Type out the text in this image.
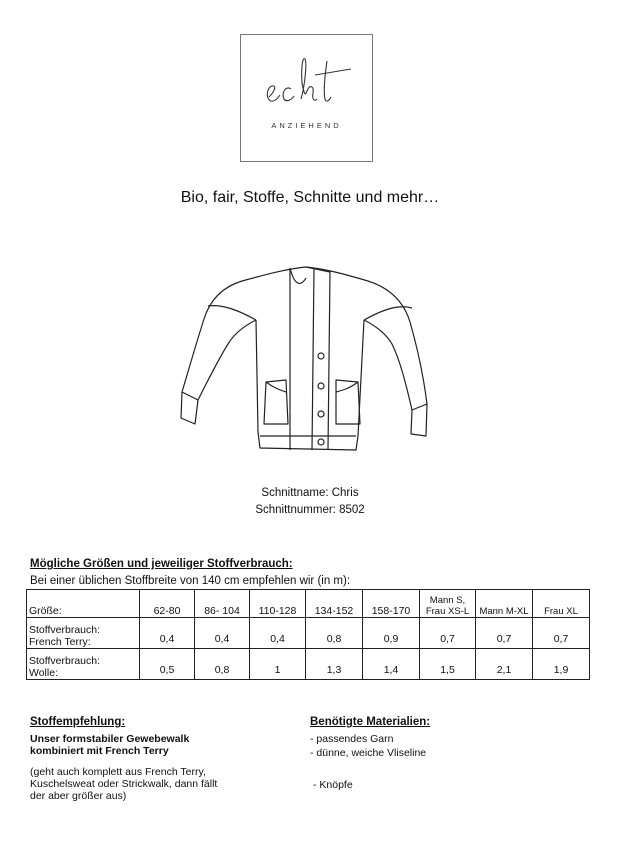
ANZIEHEND
Bio, fair, Stoffe, Schnitte und mehr…
Schnittname: Chris
Schnittnummer: 8502
Mögliche Größen und jeweiliger Stoffverbrauch:
Bei einer üblichen Stoffbreite von 140 cm empfehlen wir (in m):
Größe:	62-80	86- 104	110-128	134-152	158-170	Mann S, Frau XS-L	Mann M-XL	Frau XL

Stoffverbrauch:
French Terry:	0,4	0,4	0,4	0,8	0,9	0,7	0,7	0,7

Stoffverbrauch:
Wolle:	0,5	0,8	1	1,3	1,4	1,5	2,1	1,9
Stoffempfehlung:
Unser formstabiler Gewebewalk
kombiniert mit French Terry
(geht auch komplett aus French Terry,
Kuschelsweat oder Strickwalk, dann fällt
der aber größer aus)
Benötigte Materialien:
- passendes Garn
- dünne, weiche Vliseline
- Knöpfe
